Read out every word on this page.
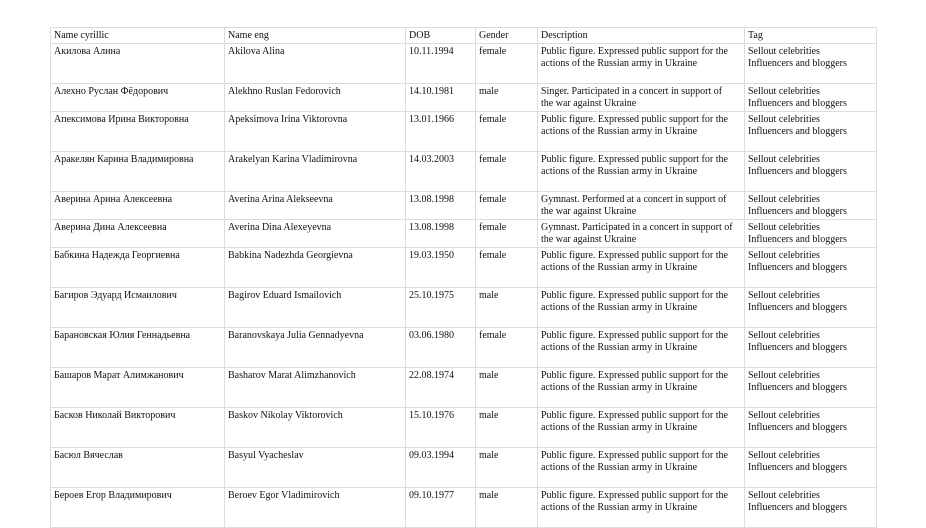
Name cyrillic	Name eng	DOB	Gender	Description	Tag
Акилова Алина	Akilova Alina	10.11.1994	female	Public figure. Expressed public support for the
actions of the Russian army in Ukraine	Sellout celebrities
Influencers and bloggers

Алехно Руслан Фёдорович	Alekhno Ruslan Fedorovich	14.10.1981	male	Singer. Participated in a concert in support of
the war against Ukraine	Sellout celebrities
Influencers and bloggers

Апексимова Ирина Викторовна	Apeksimova Irina Viktorovna	13.01.1966	female	Public figure. Expressed public support for the
actions of the Russian army in Ukraine	Sellout celebrities
Influencers and bloggers

Аракелян Карина Владимировна	Arakelyan Karina Vladimirovna	14.03.2003	female	Public figure. Expressed public support for the
actions of the Russian army in Ukraine	Sellout celebrities
Influencers and bloggers

Аверина Арина Алексеевна	Averina Arina Alekseevna	13.08.1998	female	Gymnast. Performed at a concert in support of
the war against Ukraine	Sellout celebrities
Influencers and bloggers

Аверина Дина Алексеевна	Averina Dina Alexeyevna	13.08.1998	female	Gymnast. Participated in a concert in support of
the war against Ukraine	Sellout celebrities
Influencers and bloggers

Бабкина Надежда Георгиевна	Babkina Nadezhda Georgievna	19.03.1950	female	Public figure. Expressed public support for the
actions of the Russian army in Ukraine	Sellout celebrities
Influencers and bloggers

Багиров Эдуард Исмаилович	Bagirov Eduard Ismailovich	25.10.1975	male	Public figure. Expressed public support for the
actions of the Russian army in Ukraine	Sellout celebrities
Influencers and bloggers

Барановская Юлия Геннадьевна	Baranovskaya Julia Gennadyevna	03.06.1980	female	Public figure. Expressed public support for the
actions of the Russian army in Ukraine	Sellout celebrities
Influencers and bloggers

Башаров Марат Алимжанович	Basharov Marat Alimzhanovich	22.08.1974	male	Public figure. Expressed public support for the
actions of the Russian army in Ukraine	Sellout celebrities
Influencers and bloggers

Басков Николай Викторович	Baskov Nikolay Viktorovich	15.10.1976	male	Public figure. Expressed public support for the
actions of the Russian army in Ukraine	Sellout celebrities
Influencers and bloggers

Басюл Вячеслав	Basyul Vyacheslav	09.03.1994	male	Public figure. Expressed public support for the
actions of the Russian army in Ukraine	Sellout celebrities
Influencers and bloggers

Бероев Егор Владимирович	Beroev Egor Vladimirovich	09.10.1977	male	Public figure. Expressed public support for the
actions of the Russian army in Ukraine	Sellout celebrities
Influencers and bloggers
